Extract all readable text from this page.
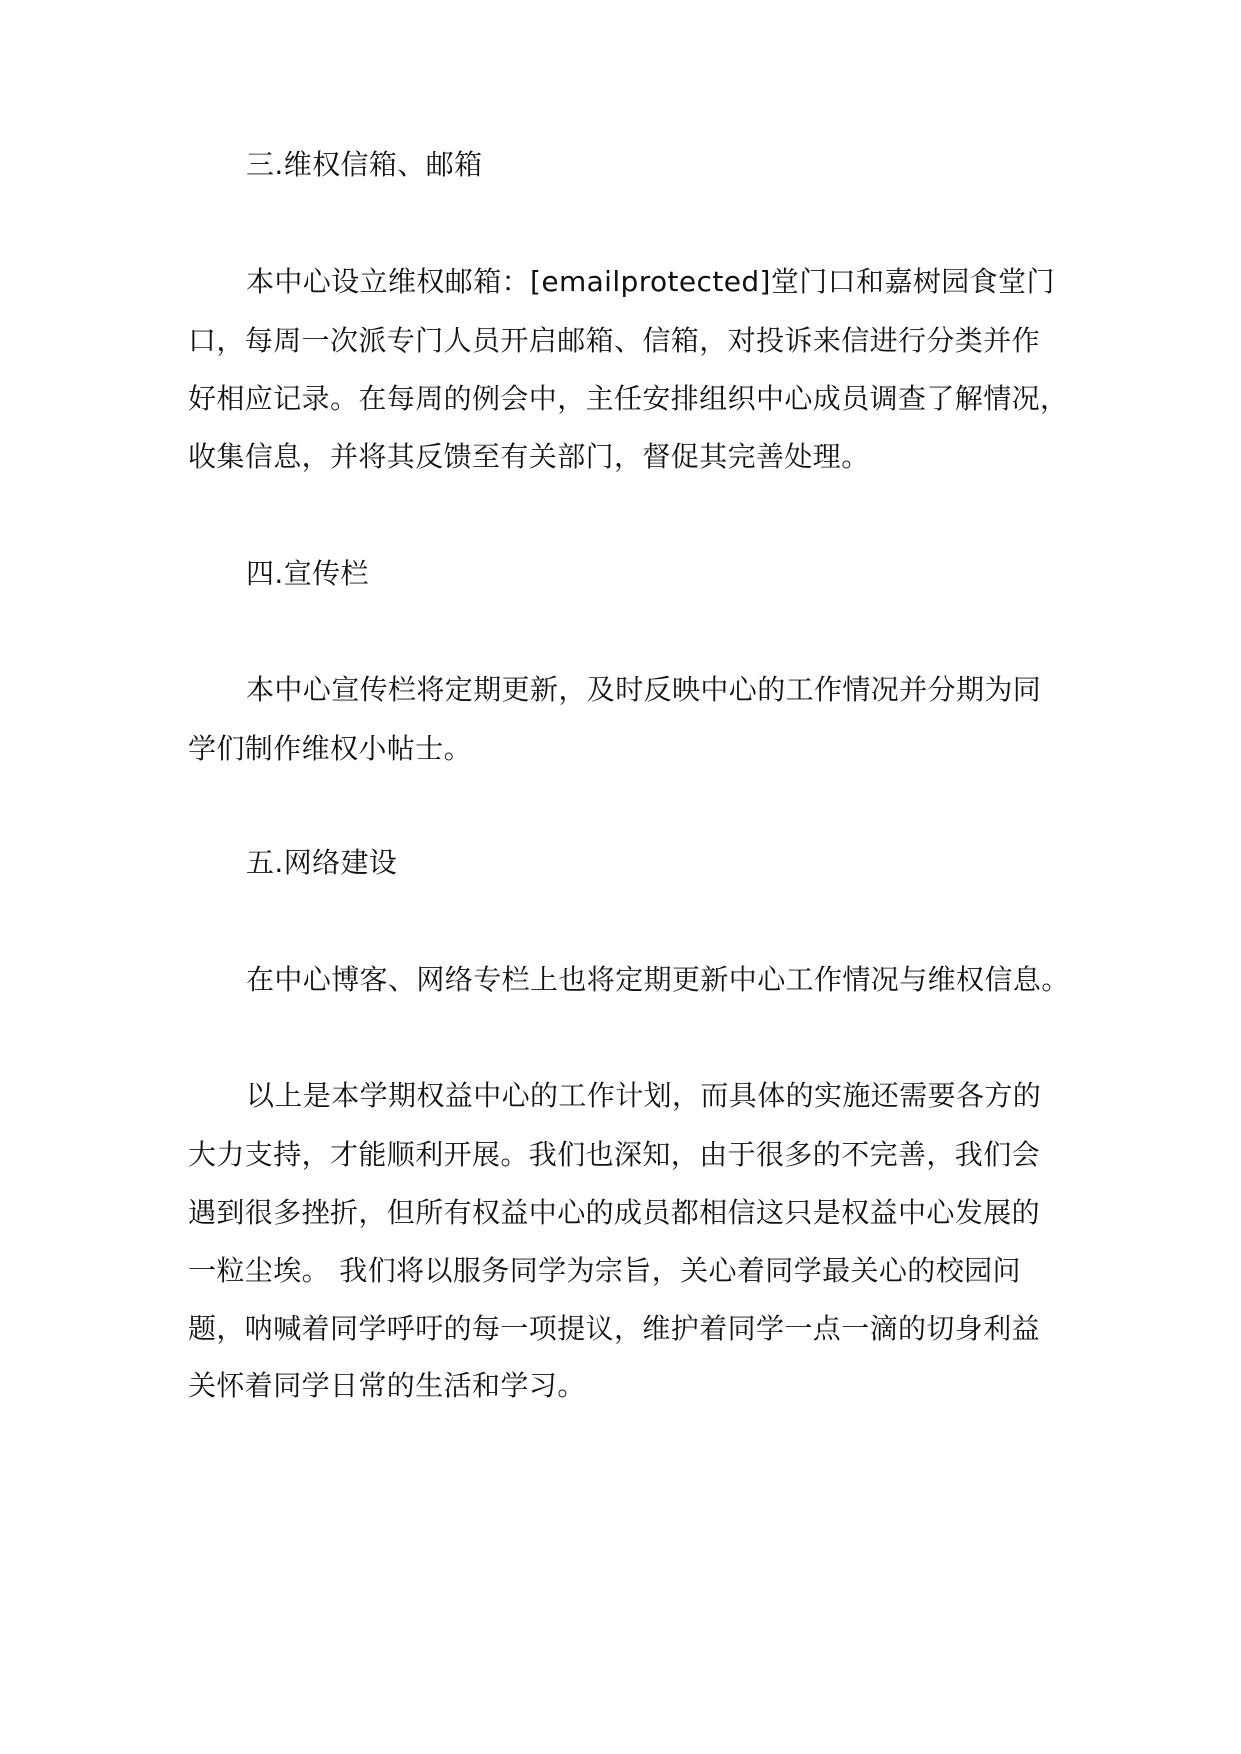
三.维权信箱、邮箱
本中心设立维权邮箱：[emailprotected]堂门口和嘉树园食堂门
口，每周一次派专门人员开启邮箱、信箱，对投诉来信进行分类并作
好相应记录。在每周的例会中，主任安排组织中心成员调查了解情况，
收集信息，并将其反馈至有关部门，督促其完善处理。
四.宣传栏
本中心宣传栏将定期更新，及时反映中心的工作情况并分期为同
学们制作维权小帖士。
五.网络建设
在中心博客、网络专栏上也将定期更新中心工作情况与维权信息。
以上是本学期权益中心的工作计划，而具体的实施还需要各方的
大力支持，才能顺利开展。我们也深知，由于很多的不完善，我们会
遇到很多挫折，但所有权益中心的成员都相信这只是权益中心发展的
一粒尘埃。 我们将以服务同学为宗旨，关心着同学最关心的校园问
题，呐喊着同学呼吁的每一项提议，维护着同学一点一滴的切身利益
关怀着同学日常的生活和学习。
